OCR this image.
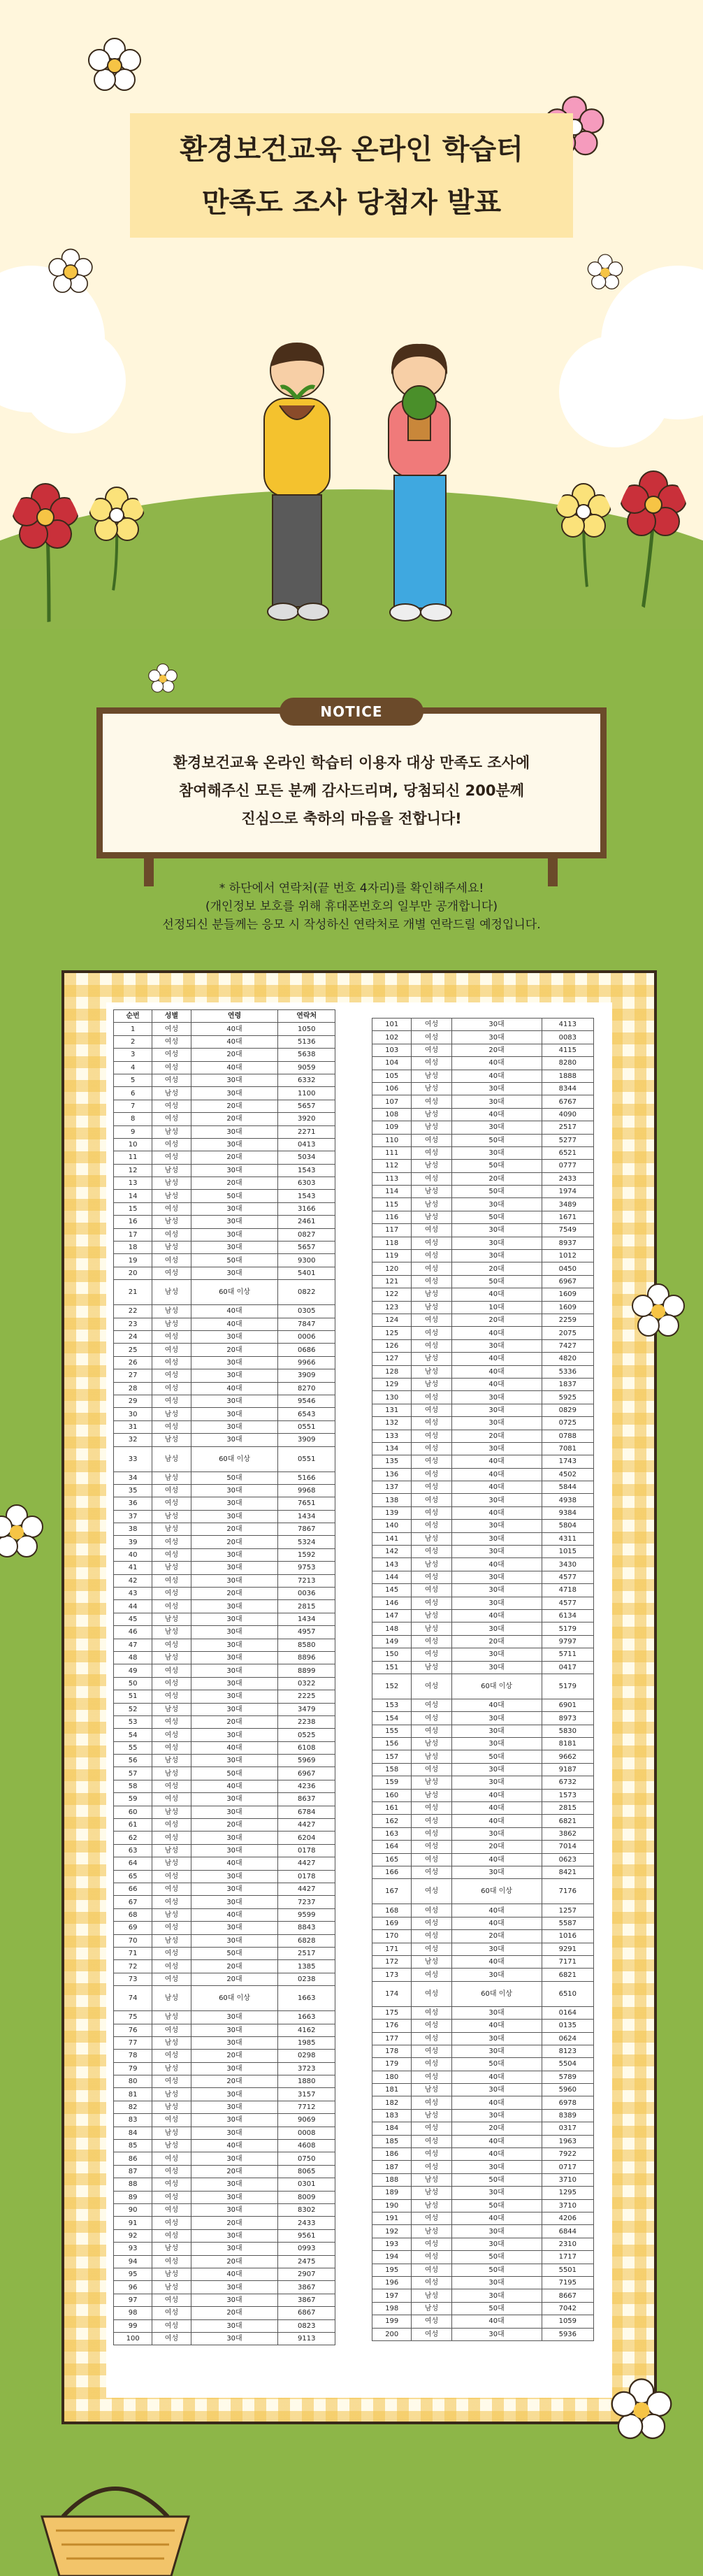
환경보건교육 온라인 학습터
만족도 조사 당첨자 발표
환경보건교육 온라인 학습터 이용자 대상 만족도 조사에
참여해주신 모든 분께 감사드리며, 당첨되신 200분께
진심으로 축하의 마음을 전합니다!
NOTICE
* 하단에서 연락처(끝 번호 4자리)를 확인해주세요!
(개인정보 보호를 위해 휴대폰번호의 일부만 공개합니다)
선정되신 분들께는 응모 시 작성하신 연락처로 개별 연락드릴 예정입니다.
순번	성별	연령	연락처
1	여성	40대	1050
2	여성	40대	5136
3	여성	20대	5638
4	여성	40대	9059
5	여성	30대	6332
6	남성	30대	1100
7	여성	20대	5657
8	여성	20대	3920
9	남성	30대	2271
10	여성	30대	0413
11	여성	20대	5034
12	남성	30대	1543
13	남성	20대	6303
14	남성	50대	1543
15	여성	30대	3166
16	남성	30대	2461
17	여성	30대	0827
18	남성	30대	5657
19	여성	50대	9300
20	여성	30대	5401
21	남성	60대 이상	0822
22	남성	40대	0305
23	남성	40대	7847
24	여성	30대	0006
25	여성	20대	0686
26	여성	30대	9966
27	여성	30대	3909
28	여성	40대	8270
29	여성	30대	9546
30	남성	30대	6543
31	여성	30대	0551
32	남성	30대	3909
33	남성	60대 이상	0551
34	남성	50대	5166
35	여성	30대	9968
36	여성	30대	7651
37	남성	30대	1434
38	남성	20대	7867
39	여성	20대	5324
40	여성	30대	1592
41	남성	30대	9753
42	여성	30대	7213
43	여성	20대	0036
44	여성	30대	2815
45	남성	30대	1434
46	남성	30대	4957
47	여성	30대	8580
48	남성	30대	8896
49	여성	30대	8899
50	여성	30대	0322
51	여성	30대	2225
52	남성	30대	3479
53	여성	20대	2238
54	여성	30대	0525
55	여성	40대	6108
56	남성	30대	5969
57	남성	50대	6967
58	여성	40대	4236
59	여성	30대	8637
60	남성	30대	6784
61	여성	20대	4427
62	여성	30대	6204
63	남성	30대	0178
64	남성	40대	4427
65	여성	30대	0178
66	여성	30대	4427
67	여성	30대	7237
68	남성	40대	9599
69	여성	30대	8843
70	남성	30대	6828
71	여성	50대	2517
72	여성	20대	1385
73	여성	20대	0238
74	남성	60대 이상	1663
75	남성	30대	1663
76	여성	30대	4162
77	남성	30대	1985
78	여성	20대	0298
79	남성	30대	3723
80	여성	20대	1880
81	남성	30대	3157
82	남성	30대	7712
83	여성	30대	9069
84	남성	30대	0008
85	남성	40대	4608
86	여성	30대	0750
87	여성	20대	8065
88	여성	30대	0301
89	여성	30대	8009
90	여성	30대	8302
91	여성	20대	2433
92	여성	30대	9561
93	남성	30대	0993
94	여성	20대	2475
95	남성	40대	2907
96	남성	30대	3867
97	여성	30대	3867
98	여성	20대	6867
99	여성	30대	0823
100	여성	30대	9113
101	여성	30대	4113
102	여성	30대	0083
103	여성	20대	4115
104	여성	40대	8280
105	남성	40대	1888
106	남성	30대	8344
107	여성	30대	6767
108	남성	40대	4090
109	남성	30대	2517
110	여성	50대	5277
111	여성	30대	6521
112	남성	50대	0777
113	여성	20대	2433
114	남성	50대	1974
115	남성	30대	3489
116	남성	50대	1671
117	여성	30대	7549
118	여성	30대	8937
119	여성	30대	1012
120	여성	20대	0450
121	여성	50대	6967
122	남성	40대	1609
123	남성	10대	1609
124	여성	20대	2259
125	여성	40대	2075
126	여성	30대	7427
127	남성	40대	4820
128	남성	40대	5336
129	남성	40대	1837
130	여성	30대	5925
131	여성	30대	0829
132	여성	30대	0725
133	여성	20대	0788
134	여성	30대	7081
135	여성	40대	1743
136	여성	40대	4502
137	여성	40대	5844
138	여성	30대	4938
139	여성	40대	9384
140	여성	30대	5804
141	남성	30대	4311
142	여성	30대	1015
143	남성	40대	3430
144	여성	30대	4577
145	여성	30대	4718
146	여성	30대	4577
147	남성	40대	6134
148	남성	30대	5179
149	여성	20대	9797
150	여성	30대	5711
151	남성	30대	0417
152	여성	60대 이상	5179
153	여성	40대	6901
154	여성	30대	8973
155	여성	30대	5830
156	남성	30대	8181
157	남성	50대	9662
158	여성	30대	9187
159	남성	30대	6732
160	남성	40대	1573
161	여성	40대	2815
162	여성	40대	6821
163	여성	30대	3862
164	여성	20대	7014
165	여성	40대	0623
166	여성	30대	8421
167	여성	60대 이상	7176
168	여성	40대	1257
169	여성	40대	5587
170	여성	20대	1016
171	여성	30대	9291
172	남성	40대	7171
173	여성	30대	6821
174	여성	60대 이상	6510
175	여성	30대	0164
176	여성	40대	0135
177	여성	30대	0624
178	여성	30대	8123
179	여성	50대	5504
180	여성	40대	5789
181	남성	30대	5960
182	여성	40대	6978
183	남성	30대	8389
184	여성	20대	0317
185	여성	40대	1963
186	여성	40대	7922
187	여성	30대	0717
188	남성	50대	3710
189	남성	30대	1295
190	남성	50대	3710
191	여성	40대	4206
192	남성	30대	6844
193	여성	30대	2310
194	여성	50대	1717
195	여성	50대	5501
196	여성	30대	7195
197	남성	30대	8667
198	남성	50대	7042
199	여성	40대	1059
200	여성	30대	5936
